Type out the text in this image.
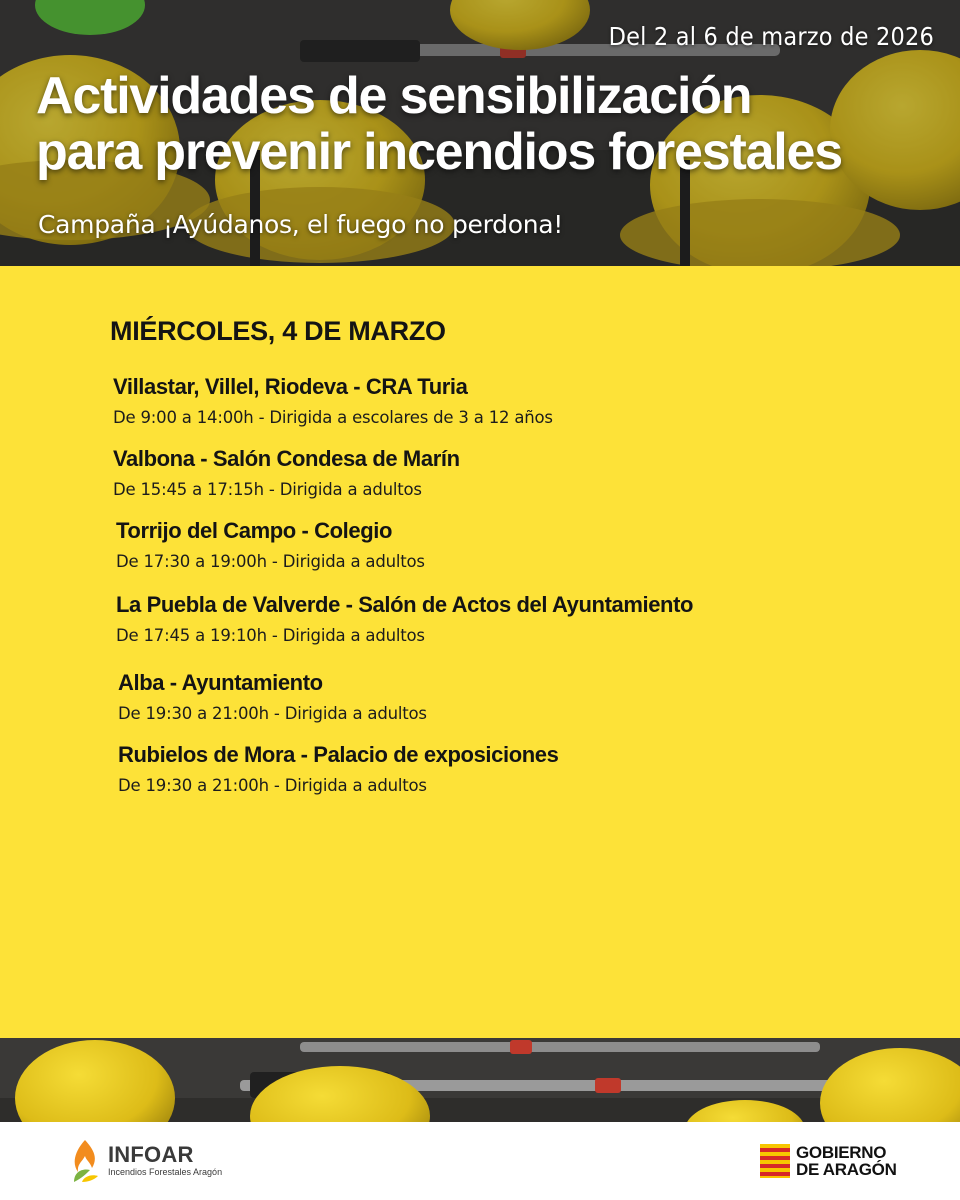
Del 2 al 6 de marzo de 2026
Actividades de sensibilización
para prevenir incendios forestales
Campaña ¡Ayúdanos, el fuego no perdona!
MIÉRCOLES, 4 DE MARZO
Villastar, Villel, Riodeva - CRA Turia
De 9:00 a 14:00h - Dirigida a escolares de 3 a 12 años
Valbona - Salón Condesa de Marín
De 15:45 a 17:15h - Dirigida a adultos
Torrijo del Campo - Colegio
De 17:30 a 19:00h - Dirigida a adultos
La Puebla de Valverde - Salón de Actos del Ayuntamiento
De 17:45 a 19:10h - Dirigida a adultos
Alba - Ayuntamiento
De 19:30 a 21:00h - Dirigida a adultos
Rubielos de Mora - Palacio de exposiciones
De 19:30 a 21:00h - Dirigida a adultos
INFOAR
Incendios Forestales Aragón
GOBIERNO
DE ARAGÓN
